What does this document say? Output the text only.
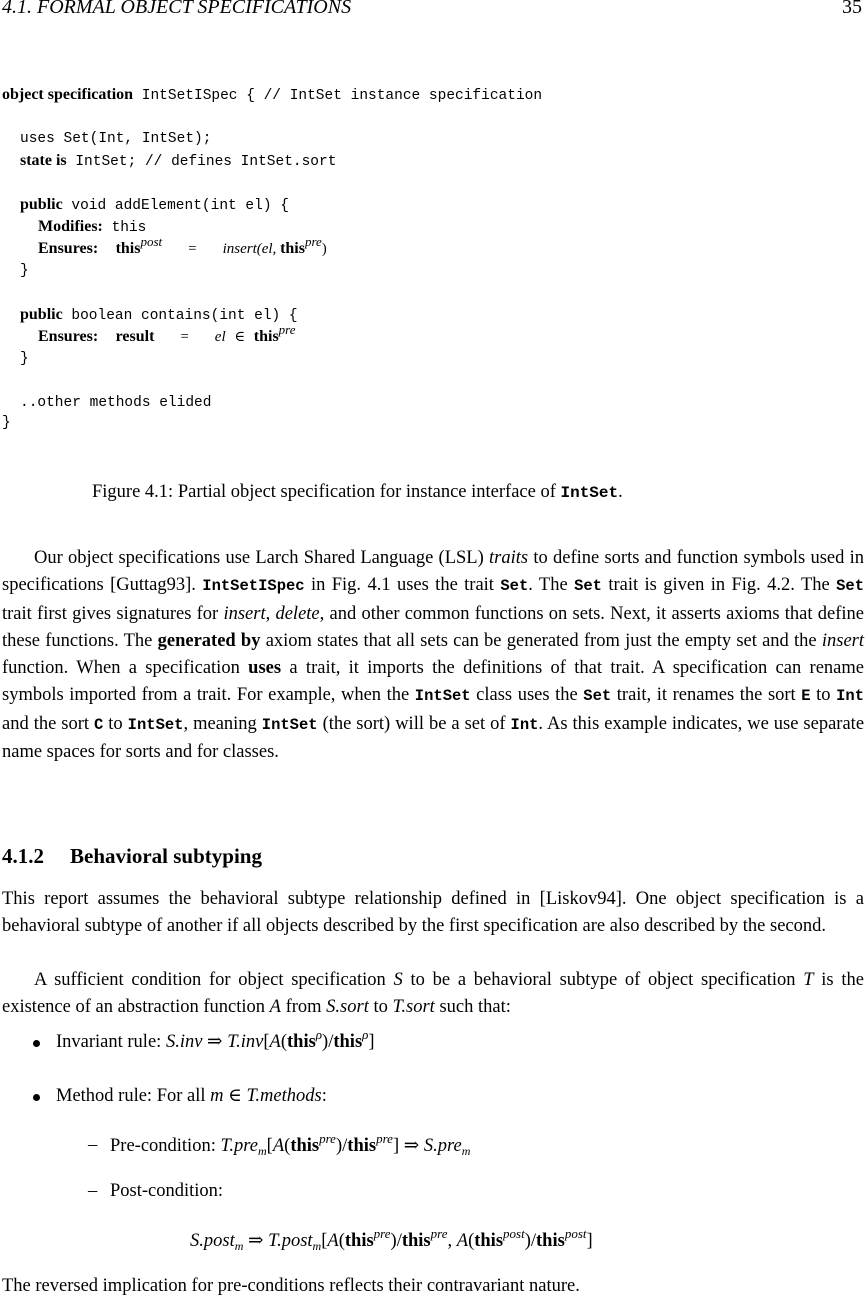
4.1. FORMAL OBJECT SPECIFICATIONS	35
object specification IntSetISpec { // IntSet instance specification
uses Set(Int, IntSet);
state is IntSet; // defines IntSet.sort
public void addElement(int el) {
Modifies: this
Ensures: this$^{post}$ = insert(el, this$^{pre}$)
}
public boolean contains(int el) {
Ensures: result = el ∈ this$^{pre}$
}
..other methods elided
}
Figure 4.1: Partial object specification for instance interface of IntSet.
Our object specifications use Larch Shared Language (LSL) traits to define sorts and function symbols used in specifications [Guttag93]. IntSetISpec in Fig. 4.1 uses the trait Set. The Set trait is given in Fig. 4.2. The Set trait first gives signatures for insert, delete, and other common functions on sets. Next, it asserts axioms that define these functions. The generated by axiom states that all sets can be generated from just the empty set and the insert function. When a specification uses a trait, it imports the definitions of that trait. A specification can rename symbols imported from a trait. For example, when the IntSet class uses the Set trait, it renames the sort E to Int and the sort C to IntSet, meaning IntSet (the sort) will be a set of Int. As this example indicates, we use separate name spaces for sorts and for classes.
4.1.2 Behavioral subtyping
This report assumes the behavioral subtype relationship defined in [Liskov94]. One object specification is a behavioral subtype of another if all objects described by the first specification are also described by the second.
A sufficient condition for object specification S to be a behavioral subtype of object specification T is the existence of an abstraction function A from S.sort to T.sort such that:
Invariant rule: S.inv ⇒ T.inv[A(this$^\rho$)/this$^\rho$]
Method rule: For all m ∈ T.methods:
– Pre-condition: T.pre$_m$[A(this$^{pre}$)/this$^{pre}$] ⇒ S.pre$_m$
– Post-condition:
S.post$_m$ ⇒ T.post$_m$[A(this$^{pre}$)/this$^{pre}$, A(this$^{post}$)/this$^{post}$]
The reversed implication for pre-conditions reflects their contravariant nature.
